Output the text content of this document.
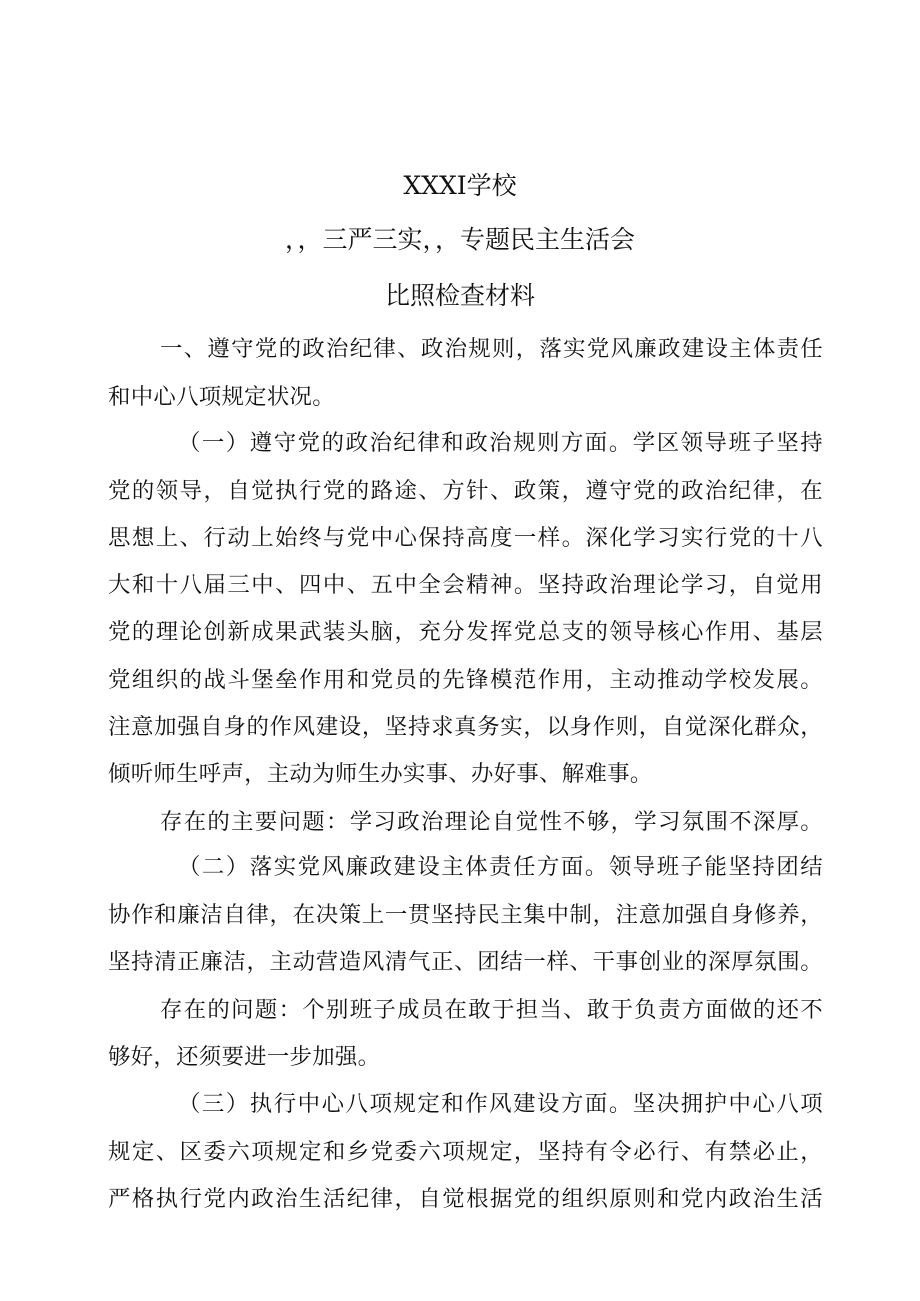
XXXI学校
，，三严三实，，专题民主生活会
比照检查材料
一、遵守党的政治纪律、政治规则，落实党风廉政建设主体责任
和中心八项规定状况。
（一）遵守党的政治纪律和政治规则方面。学区领导班子坚持
党的领导，自觉执行党的路途、方针、政策，遵守党的政治纪律，在
思想上、行动上始终与党中心保持高度一样。深化学习实行党的十八
大和十八届三中、四中、五中全会精神。坚持政治理论学习，自觉用
党的理论创新成果武装头脑，充分发挥党总支的领导核心作用、基层
党组织的战斗堡垒作用和党员的先锋模范作用，主动推动学校发展。
注意加强自身的作风建设，坚持求真务实，以身作则，自觉深化群众，
倾听师生呼声，主动为师生办实事、办好事、解难事。
存在的主要问题：学习政治理论自觉性不够，学习氛围不深厚。
（二）落实党风廉政建设主体责任方面。领导班子能坚持团结
协作和廉洁自律，在决策上一贯坚持民主集中制，注意加强自身修养，
坚持清正廉洁，主动营造风清气正、团结一样、干事创业的深厚氛围。
存在的问题：个别班子成员在敢于担当、敢于负责方面做的还不
够好，还须要进一步加强。
（三）执行中心八项规定和作风建设方面。坚决拥护中心八项
规定、区委六项规定和乡党委六项规定，坚持有令必行、有禁必止，
严格执行党内政治生活纪律，自觉根据党的组织原则和党内政治生活
